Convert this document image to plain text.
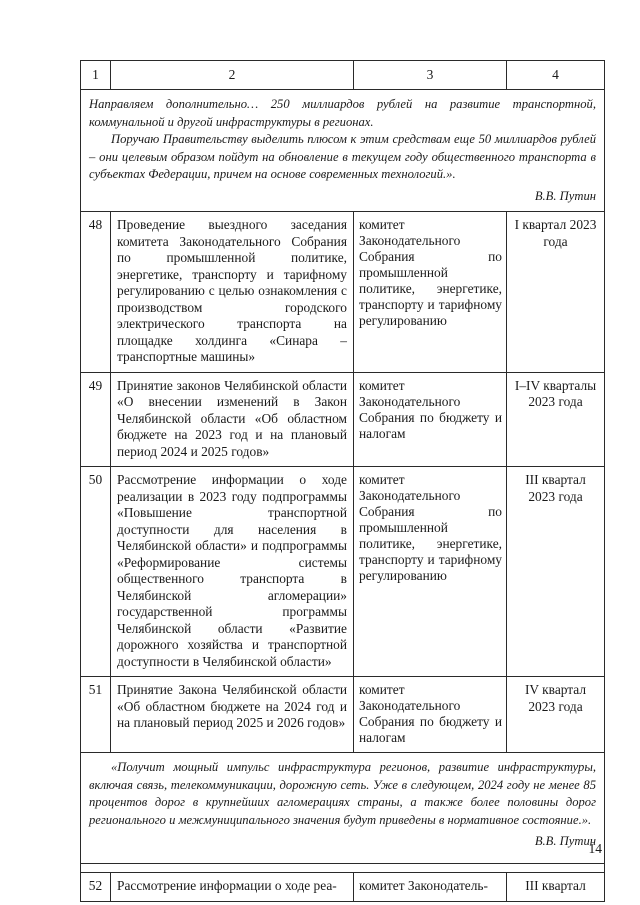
1	2	3	4

Направляем дополнительно… 250 миллиардов рублей на развитие транспортной, коммунальной и другой инфраструктуры в регионах.

Поручаю Правительству выделить плюсом к этим средствам еще 50 миллиардов рублей – они целевым образом пойдут на обновление в текущем году общественного транспорта в субъектах Федерации, причем на основе современных технологий.».

В.В. Путин			

48	Проведение выездного заседания комитета Законодательного Собрания по промышленной политике, энергетике, транспорту и тарифному регулированию с целью ознакомления с производством городского электрического транспорта на площадке холдинга «Синара – транспортные машины»	комитет Законодательного Собрания по промышленной политике, энергетике, транспорту и тарифному регулированию	I квартал 2023 года
49	Принятие законов Челябинской области «О внесении изменений в Закон Челябинской области «Об областном бюджете на 2023 год и на плановый период 2024 и 2025 годов»	комитет Законодательного Собрания по бюджету и налогам	I–IV кварталы 2023 года
50	Рассмотрение информации о ходе реализации в 2023 году подпрограммы «Повышение транспортной доступности для населения в Челябинской области» и подпрограммы «Реформирование системы общественного транспорта в Челябинской агломерации» государственной программы Челябинской области «Развитие дорожного хозяйства и транспортной доступности в Челябинской области»	комитет Законодательного Собрания по промышленной политике, энергетике, транспорту и тарифному регулированию	III квартал 2023 года
51	Принятие Закона Челябинской области «Об областном бюджете на 2024 год и на плановый период 2025 и 2026 годов»	комитет Законодательного Собрания по бюджету и налогам	IV квартал 2023 года

«Получит мощный импульс инфраструктура регионов, развитие инфраструктуры, включая связь, телекоммуникации, дорожную сеть. Уже в следующем, 2024 году не менее 85 процентов дорог в крупнейших агломерациях страны, а также более половины дорог регионального и межмуниципального значения будут приведены в нормативное состояние.».

В.В. Путин			

52	Рассмотрение информации о ходе реа-	комитет Законодатель-	III квартал
14
